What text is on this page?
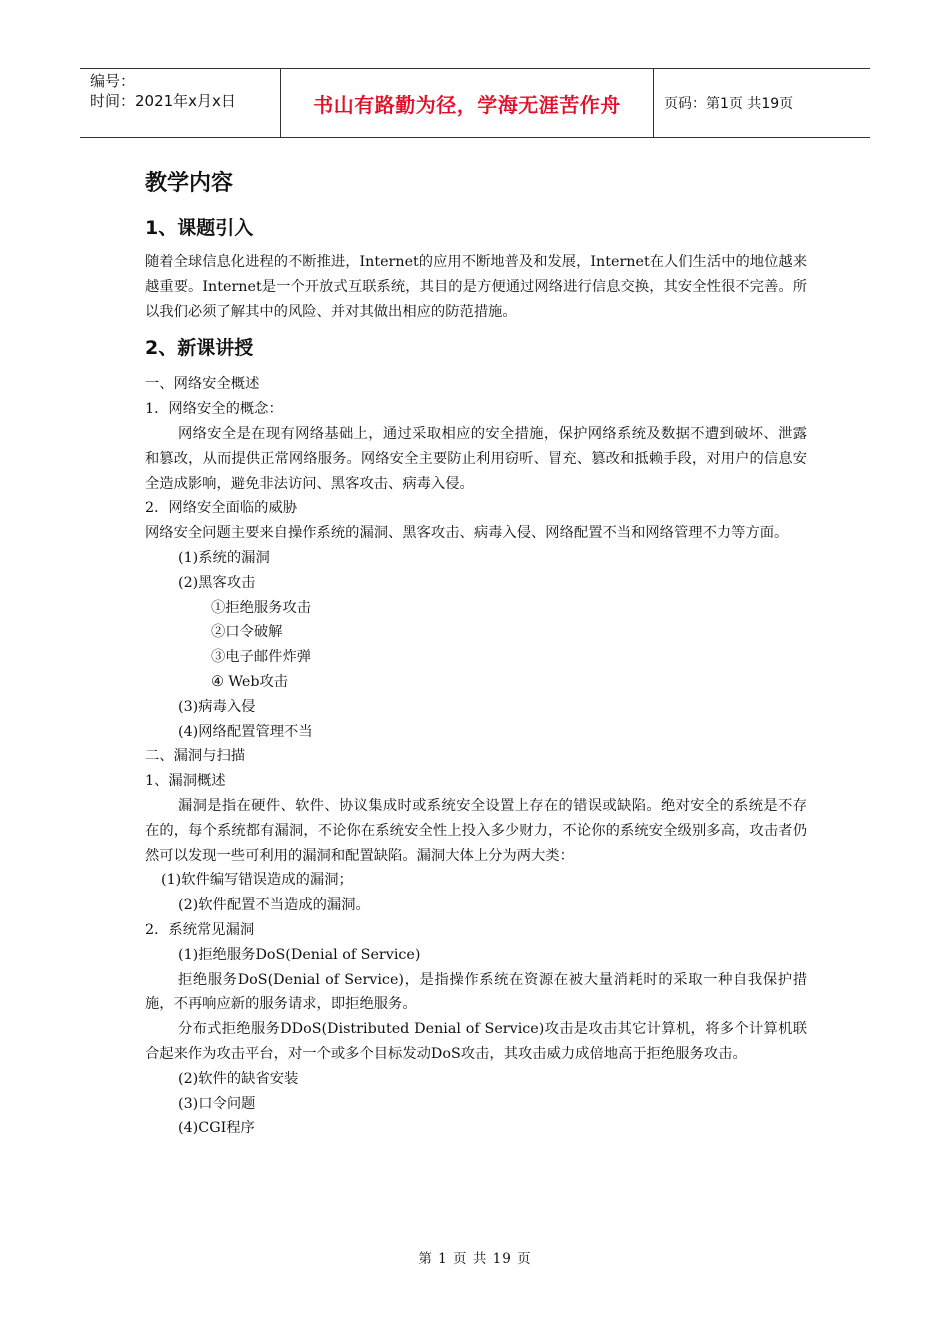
编号：
时间：2021年x月x日	书山有路勤为径，学海无涯苦作舟	页码：第1页 共19页
教学内容
1、课题引入
随着全球信息化进程的不断推进，Internet的应用不断地普及和发展，Internet在人们生活中的地位越来越重要。Internet是一个开放式互联系统，其目的是方便通过网络进行信息交换，其安全性很不完善。所以我们必须了解其中的风险、并对其做出相应的防范措施。
2、新课讲授
一、网络安全概述
1．网络安全的概念：
网络安全是在现有网络基础上，通过采取相应的安全措施，保护网络系统及数据不遭到破坏、泄露和篡改，从而提供正常网络服务。网络安全主要防止利用窃听、冒充、篡改和抵赖手段，对用户的信息安全造成影响，避免非法访问、黑客攻击、病毒入侵。
2．网络安全面临的威胁
网络安全问题主要来自操作系统的漏洞、黑客攻击、病毒入侵、网络配置不当和网络管理不力等方面。
(1)系统的漏洞
(2)黑客攻击
①拒绝服务攻击
②口令破解
③电子邮件炸弹
④ Web攻击
(3)病毒入侵
(4)网络配置管理不当
二、漏洞与扫描
1、漏洞概述
漏洞是指在硬件、软件、协议集成时或系统安全设置上存在的错误或缺陷。绝对安全的系统是不存在的，每个系统都有漏洞，不论你在系统安全性上投入多少财力，不论你的系统安全级别多高，攻击者仍然可以发现一些可利用的漏洞和配置缺陷。漏洞大体上分为两大类：
(1)软件编写错误造成的漏洞；
(2)软件配置不当造成的漏洞。
2．系统常见漏洞
(1)拒绝服务DoS(Denial of Service)
拒绝服务DoS(Denial of Service)，是指操作系统在资源在被大量消耗时的采取一种自我保护措施，不再响应新的服务请求，即拒绝服务。
分布式拒绝服务DDoS(Distributed Denial of Service)攻击是攻击其它计算机，将多个计算机联合起来作为攻击平台，对一个或多个目标发动DoS攻击，其攻击威力成倍地高于拒绝服务攻击。
(2)软件的缺省安装
(3)口令问题
(4)CGI程序
第 1 页 共 19 页
